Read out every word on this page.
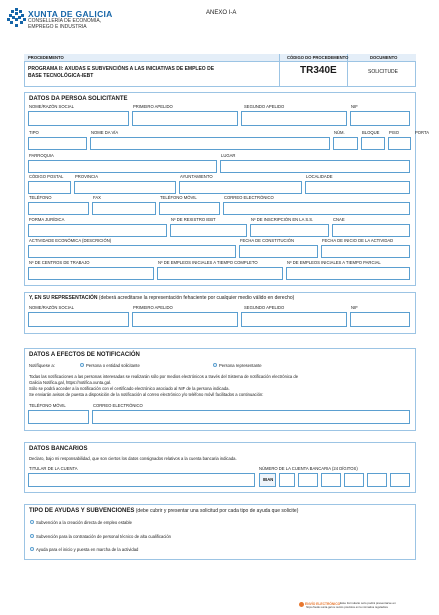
XUNTA DE GALICIA
CONSELLERÍA DE ECONOMÍA,
EMPREGO E INDUSTRIA
ANEXO I-A
PROCEDEMENTO	CÓDIGO DO PROCEDEMENTO	DOCUMENTO
PROGRAMA II: AXUDAS E SUBVENCIÓNS A LAS INICIATIVAS DE EMPLEO DE
BASE TECNOLÓGICA-IEBT	TR340E	SOLICITUDE
DATOS DA PERSOA SOLICITANTE
NOME/RAZÓN SOCIAL	PRIMEIRO APELIDO	SEGUNDO APELIDO	NIF
TIPO	NOME DA VÍA	NÚM.	BLOQUE PISO	PORTA
PARROQUIA	LUGAR
CÓDIGO POSTAL	PROVINCIA	AYUNTAMIENTO	LOCALIDADE
TELÉFONO	FAX	TELÉFONO MÓVIL	CORREO ELECTRÓNICO
FORMA JURÍDICA	Nº DE REXISTRO IEBT	Nº DE INSCRIPCIÓN EN LA S.S.	CNAE
ACTIVIDADE ECONÓMICA (DESCRICIÓN)	FECHA DE CONSTITUCIÓN	FECHA DE INICIO DE LA ACTIVIDAD
Nº DE CENTROS DE TRABAJO	Nº DE EMPLEOS INICIALES A TIEMPO COMPLETO	Nº DE EMPLEOS INICIALES A TIEMPO PARCIAL
Y, EN SU REPRESENTACIÓN (deberá acreditarse la representación fehaciente por cualquier medio válido en derecho)
NOME/RAZÓN SOCIAL	PRIMEIRO APELIDO	SEGUNDO APELIDO	NIF
DATOS A EFECTOS DE NOTIFICACIÓN
Notifíquese a:	Persona o entidad solicitante	Persona representante
Todas las notificaciones a las personas interesadas se realizarán sólo por medios electrónicos a través del Sistema de notificación electrónica de
Galicia Notifica.gal, https://notifica.xunta.gal.
Sólo se podrá acceder a la notificación con el certificado electrónico asociado al NIF de la persona indicada.
Se enviarán avisos de puesta a disposición de la notificación al correo electrónico y/o teléfono móvil facilitados a continuación:
TELÉFONO MÓVIL	CORREO ELECTRÓNICO
DATOS BANCARIOS
Declaro, bajo mi responsabilidad, que son ciertos los datos consignados relativos a la cuenta bancaria indicada.
TITULAR DE LA CUENTA	NÚMERO DE LA CUENTA BANCARIA (24 DÍGITOS)
IBAN
TIPO DE AYUDAS Y SUBVENCIONES (debe cubrir y presentar una solicitud por cada tipo de ayuda que solicite)
Subvención a la creación directa de empleo estable
Subvención para la contratación de personal técnico de alta cualificación
Ayuda para el inicio y puesta en marcha de la actividad
ENVÍO ELECTRÓNICO Este formulario solo podrá presentarse en
https://sede.xunta.gal ou outros previstos en la normativa reguladora
